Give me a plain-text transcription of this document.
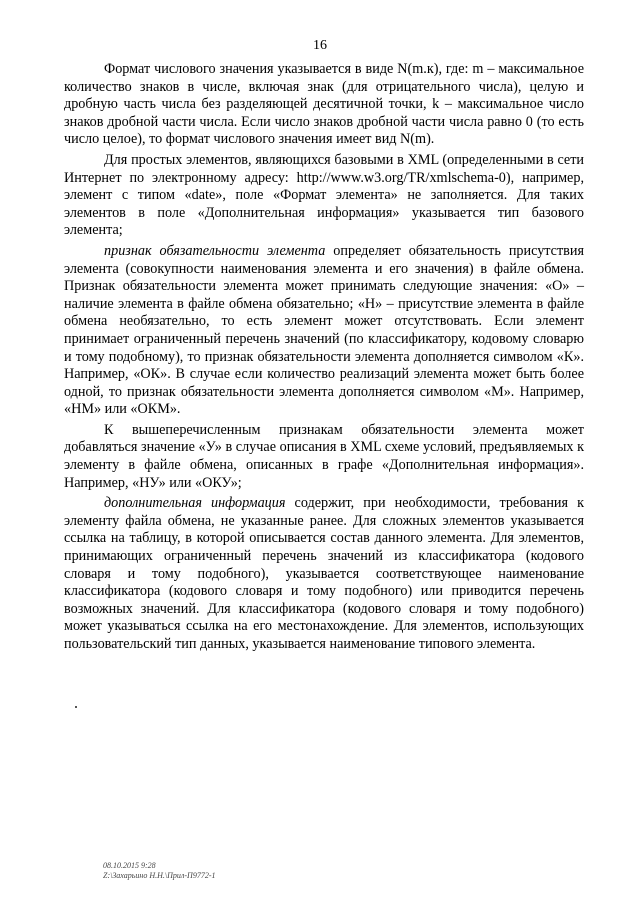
16

Формат числового значения указывается в виде N(m.к), где: m – максимальное количество знаков в числе, включая знак (для отрицательного числа), целую и дробную часть числа без разделяющей десятичной точки, k – максимальное число знаков дробной части числа. Если число знаков дробной части числа равно 0 (то есть число целое), то формат числового значения имеет вид N(m).

Для простых элементов, являющихся базовыми в XML (определенными в сети Интернет по электронному адресу: http://www.w3.org/TR/xmlschema-0), например, элемент с типом «date», поле «Формат элемента» не заполняется. Для таких элементов в поле «Дополнительная информация» указывается тип базового элемента;

признак обязательности элемента определяет обязательность присутствия элемента (совокупности наименования элемента и его значения) в файле обмена. Признак обязательности элемента может принимать следующие значения: «О» – наличие элемента в файле обмена обязательно; «Н» – присутствие элемента в файле обмена необязательно, то есть элемент может отсутствовать. Если элемент принимает ограниченный перечень значений (по классификатору, кодовому словарю и тому подобному), то признак обязательности элемента дополняется символом «К». Например, «ОК». В случае если количество реализаций элемента может быть более одной, то признак обязательности элемента дополняется символом «М». Например, «НМ» или «ОКМ».

К вышеперечисленным признакам обязательности элемента может добавляться значение «У» в случае описания в XML схеме условий, предъявляемых к элементу в файле обмена, описанных в графе «Дополнительная информация». Например, «НУ» или «ОКУ»;

дополнительная информация содержит, при необходимости, требования к элементу файла обмена, не указанные ранее. Для сложных элементов указывается ссылка на таблицу, в которой описывается состав данного элемента. Для элементов, принимающих ограниченный перечень значений из классификатора (кодового словаря и тому подобного), указывается соответствующее наименование классификатора (кодового словаря и тому подобного) или приводится перечень возможных значений. Для классификатора (кодового словаря и тому подобного) может указываться ссылка на его местонахождение. Для элементов, использующих пользовательский тип данных, указывается наименование типового элемента.

08.10.2015 9:28
Z:\Захарьино Н.Н.\Прил-П9772-1
